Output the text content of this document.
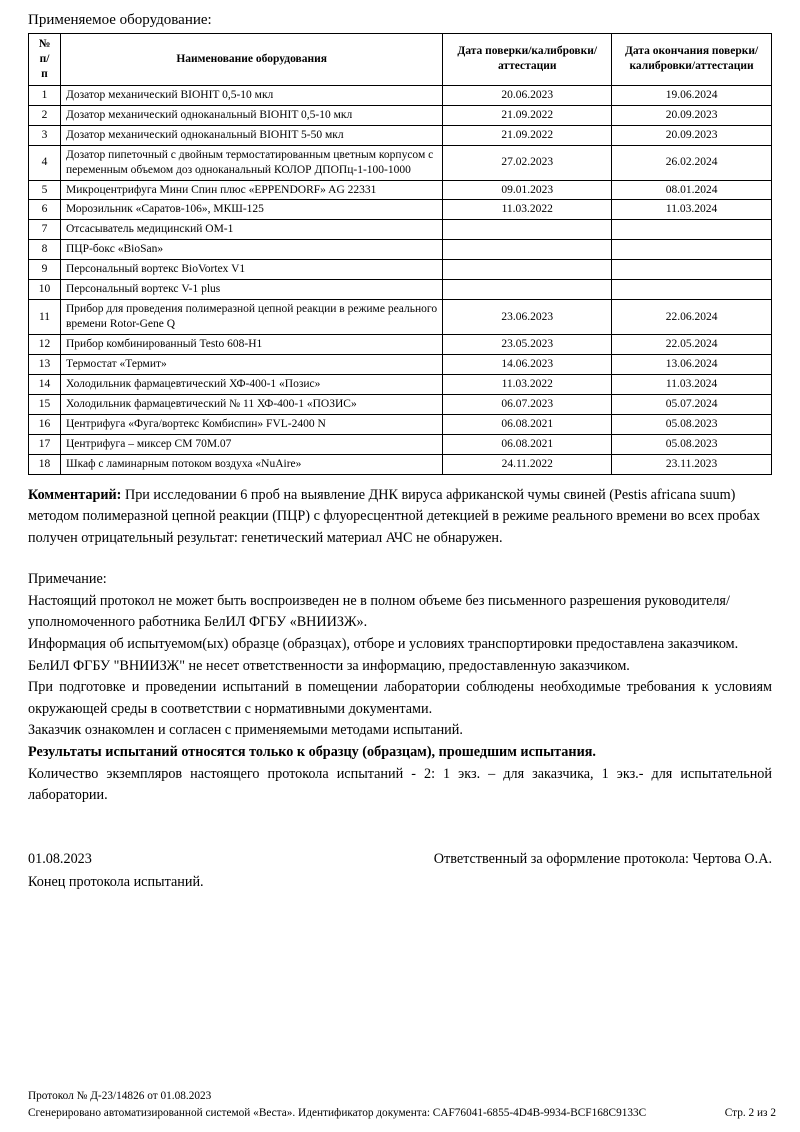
Применяемое оборудование:
№ п/п	Наименование оборудования	Дата поверки/калибровки/аттестации	Дата окончания поверки/калибровки/аттестации
1	Дозатор механический BIOHIT 0,5-10 мкл	20.06.2023	19.06.2024
2	Дозатор механический одноканальный BIOHIT 0,5-10 мкл	21.09.2022	20.09.2023
3	Дозатор механический одноканальный BIOHIT 5-50 мкл	21.09.2022	20.09.2023
4	Дозатор пипеточный с двойным термостатированным цветным корпусом с переменным объемом доз одноканальный КОЛОР ДПОПц-1-100-1000	27.02.2023	26.02.2024
5	Микроцентрифуга Мини Спин плюс «EPPENDORF» AG 22331	09.01.2023	08.01.2024
6	Морозильник «Саратов-106», МКШ-125	11.03.2022	11.03.2024
7	Отсасыватель медицинский ОМ-1		
8	ПЦР-бокс «BioSan»		
9	Персональный вортекс BioVortex V1		
10	Персональный вортекс V-1 plus		
11	Прибор для проведения полимеразной цепной реакции в режиме реального времени Rotor-Gene Q	23.06.2023	22.06.2024
12	Прибор комбинированный Testo 608-H1	23.05.2023	22.05.2024
13	Термостат «Термит»	14.06.2023	13.06.2024
14	Холодильник фармацевтический ХФ-400-1 «Позис»	11.03.2022	11.03.2024
15	Холодильник фармацевтический № 11 ХФ-400-1 «ПОЗИС»	06.07.2023	05.07.2024
16	Центрифуга «Фуга/вортекс Комбиспин» FVL-2400 N	06.08.2021	05.08.2023
17	Центрифуга – миксер СМ 70М.07	06.08.2021	05.08.2023
18	Шкаф с ламинарным потоком воздуха «NuAire»	24.11.2022	23.11.2023
Комментарий: При исследовании 6 проб на выявление ДНК вируса африканской чумы свиней (Pestis africana suum) методом полимеразной цепной реакции (ПЦР) с флуоресцентной детекцией в режиме реального времени во всех пробах получен отрицательный результат: генетический материал АЧС не обнаружен.
Примечание:
Настоящий протокол не может быть воспроизведен не в полном объеме без письменного разрешения руководителя/уполномоченного работника БелИЛ ФГБУ «ВНИИЗЖ».
Информация об испытуемом(ых) образце (образцах), отборе и условиях транспортировки предоставлена заказчиком.
БелИЛ ФГБУ "ВНИИЗЖ" не несет ответственности за информацию, предоставленную заказчиком.
При подготовке и проведении испытаний в помещении лаборатории соблюдены необходимые требования к условиям окружающей среды в соответствии с нормативными документами.
Заказчик ознакомлен и согласен с применяемыми методами испытаний.
Результаты испытаний относятся только к образцу (образцам), прошедшим испытания.
Количество экземпляров настоящего протокола испытаний - 2: 1 экз. – для заказчика, 1 экз.- для испытательной лаборатории.
01.08.2023	Ответственный за оформление протокола: Чертова О.А.
Конец протокола испытаний.
Протокол № Д-23/14826 от 01.08.2023
Сгенерировано автоматизированной системой «Веста». Идентификатор документа: CAF76041-6855-4D4B-9934-BCF168C9133C	Стр. 2 из 2
